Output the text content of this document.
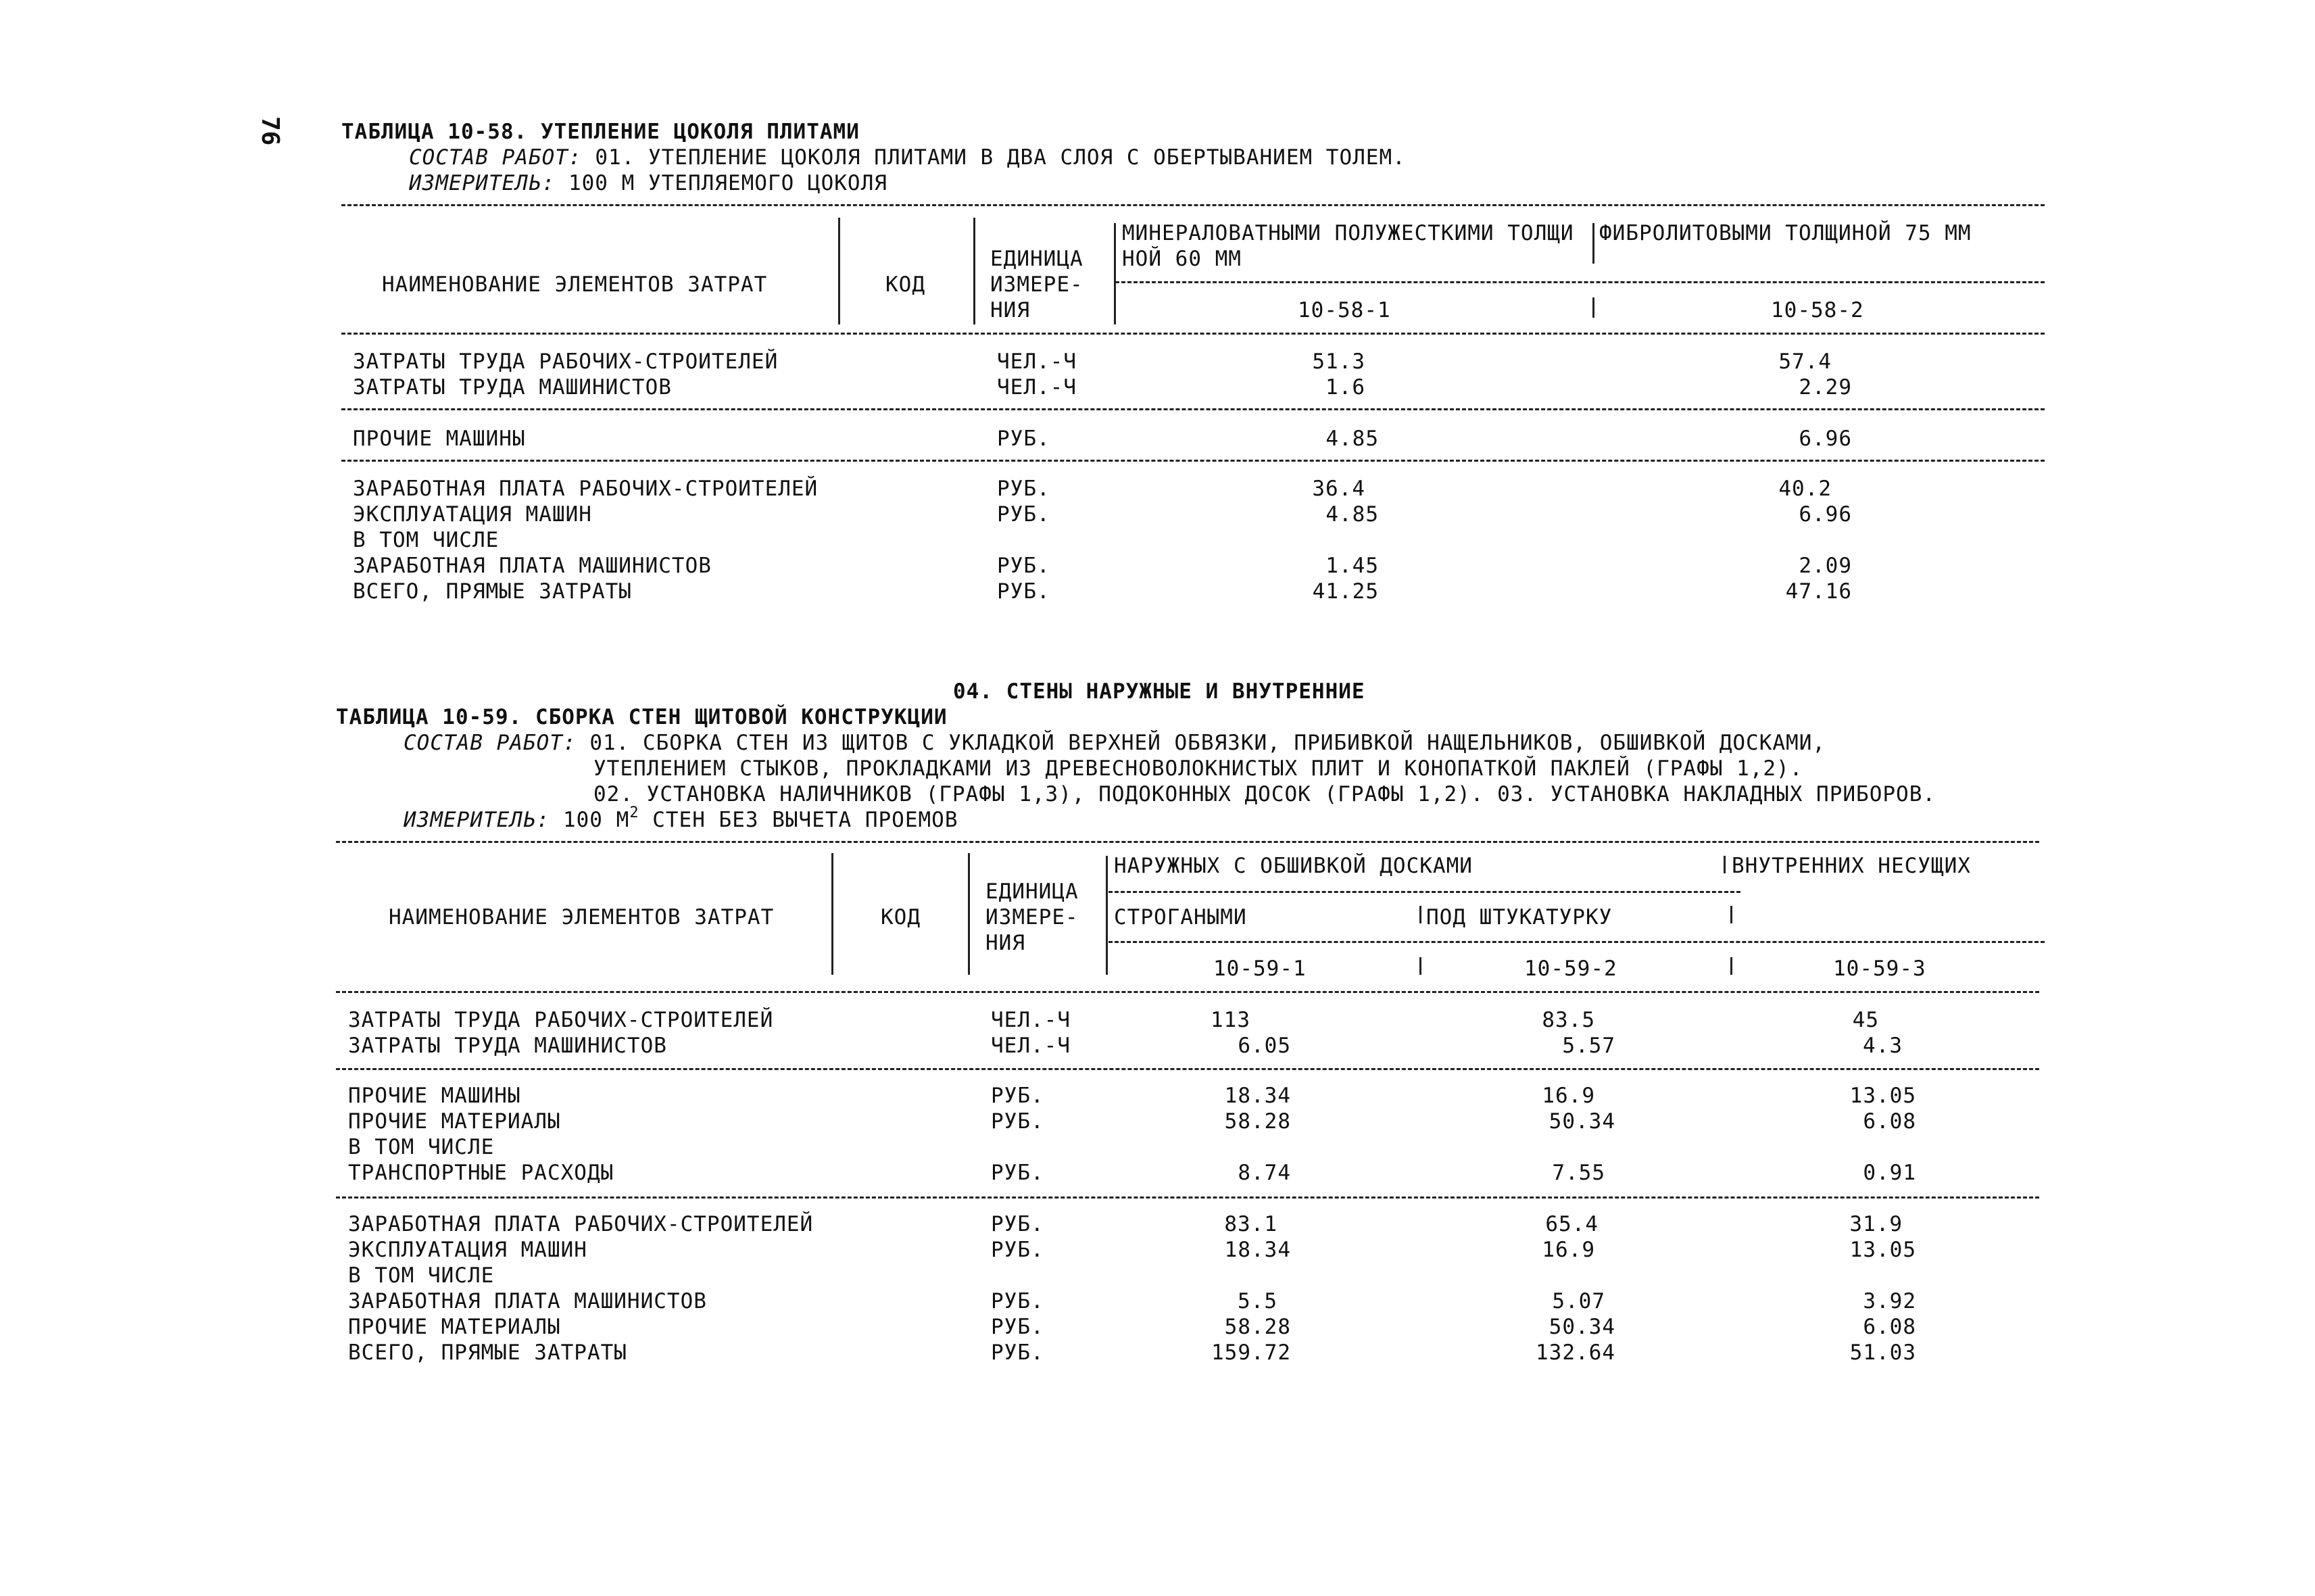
76	ТАБЛИЦА 10-58. УТЕПЛЕНИЕ ЦОКОЛЯ ПЛИТАМИ
СОСТАВ РАБОТ: 01. УТЕПЛЕНИЕ ЦОКОЛЯ ПЛИТАМИ В ДВА СЛОЯ С ОБЕРТЫВАНИЕМ ТОЛЕМ.
ИЗМЕРИТЕЛЬ: 100 М УТЕПЛЯЕМОГО ЦОКОЛЯ
НАИМЕНОВАНИЕ ЭЛЕМЕНТОВ ЗАТРАТ	КОД
ЕДИНИЦА
ИЗМЕРЕ-
НИЯ
МИНЕРАЛОВАТНЫМИ ПОЛУЖЕСТКИМИ ТОЛЩИ
НОЙ 60 ММ
ФИБРОЛИТОВЫМИ ТОЛЩИНОЙ 75 ММ
10-58-1	10-58-2
ЗАТРАТЫ ТРУДА РАБОЧИХ-СТРОИТЕЛЕЙ	ЧЕЛ.-Ч	51.3	57.4
ЗАТРАТЫ ТРУДА МАШИНИСТОВ	ЧЕЛ.-Ч	1.6	2.29
ПРОЧИЕ МАШИНЫ	РУБ.	4.85	6.96
ЗАРАБОТНАЯ ПЛАТА РАБОЧИХ-СТРОИТЕЛЕЙ	РУБ.	36.4	40.2
ЭКСПЛУАТАЦИЯ МАШИН	РУБ.	4.85	6.96
В ТОМ ЧИСЛЕ
ЗАРАБОТНАЯ ПЛАТА МАШИНИСТОВ	РУБ.	1.45	2.09
ВСЕГО, ПРЯМЫЕ ЗАТРАТЫ	РУБ.	41.25	47.16
04. СТЕНЫ НАРУЖНЫЕ И ВНУТРЕННИЕ
ТАБЛИЦА 10-59. СБОРКА СТЕН ЩИТОВОЙ КОНСТРУКЦИИ
СОСТАВ РАБОТ: 01. СБОРКА СТЕН ИЗ ЩИТОВ С УКЛАДКОЙ ВЕРХНЕЙ ОБВЯЗКИ, ПРИБИВКОЙ НАЩЕЛЬНИКОВ, ОБШИВКОЙ ДОСКАМИ,
УТЕПЛЕНИЕМ СТЫКОВ, ПРОКЛАДКАМИ ИЗ ДРЕВЕСНОВОЛОКНИСТЫХ ПЛИТ И КОНОПАТКОЙ ПАКЛЕЙ (ГРАФЫ 1,2).
02. УСТАНОВКА НАЛИЧНИКОВ (ГРАФЫ 1,3), ПОДОКОННЫХ ДОСОК (ГРАФЫ 1,2). 03. УСТАНОВКА НАКЛАДНЫХ ПРИБОРОВ.
ИЗМЕРИТЕЛЬ: 100 $М^2$ СТЕН БЕЗ ВЫЧЕТА ПРОЕМОВ
НАИМЕНОВАНИЕ ЭЛЕМЕНТОВ ЗАТРАТ	КОД
ЕДИНИЦА
ИЗМЕРЕ-
НИЯ
НАРУЖНЫХ С ОБШИВКОЙ ДОСКАМИ	ВНУТРЕННИХ НЕСУЩИХ
СТРОГАНЫМИ	ПОД ШТУКАТУРКУ
10-59-1	10-59-2	10-59-3
ЗАТРАТЫ ТРУДА РАБОЧИХ-СТРОИТЕЛЕЙ	ЧЕЛ.-Ч	113	83.5	45
ЗАТРАТЫ ТРУДА МАШИНИСТОВ	ЧЕЛ.-Ч	6.05	5.57	4.3
ПРОЧИЕ МАШИНЫ	РУБ.	18.34	16.9	13.05
ПРОЧИЕ МАТЕРИАЛЫ	РУБ.	58.28	50.34	6.08
В ТОМ ЧИСЛЕ
ТРАНСПОРТНЫЕ РАСХОДЫ	РУБ.	8.74	7.55	0.91
ЗАРАБОТНАЯ ПЛАТА РАБОЧИХ-СТРОИТЕЛЕЙ	РУБ.	83.1	65.4	31.9
ЭКСПЛУАТАЦИЯ МАШИН	РУБ.	18.34	16.9	13.05
В ТОМ ЧИСЛЕ
ЗАРАБОТНАЯ ПЛАТА МАШИНИСТОВ	РУБ.	5.5	5.07	3.92
ПРОЧИЕ МАТЕРИАЛЫ	РУБ.	58.28	50.34	6.08
ВСЕГО, ПРЯМЫЕ ЗАТРАТЫ	РУБ.	159.72	132.64	51.03
